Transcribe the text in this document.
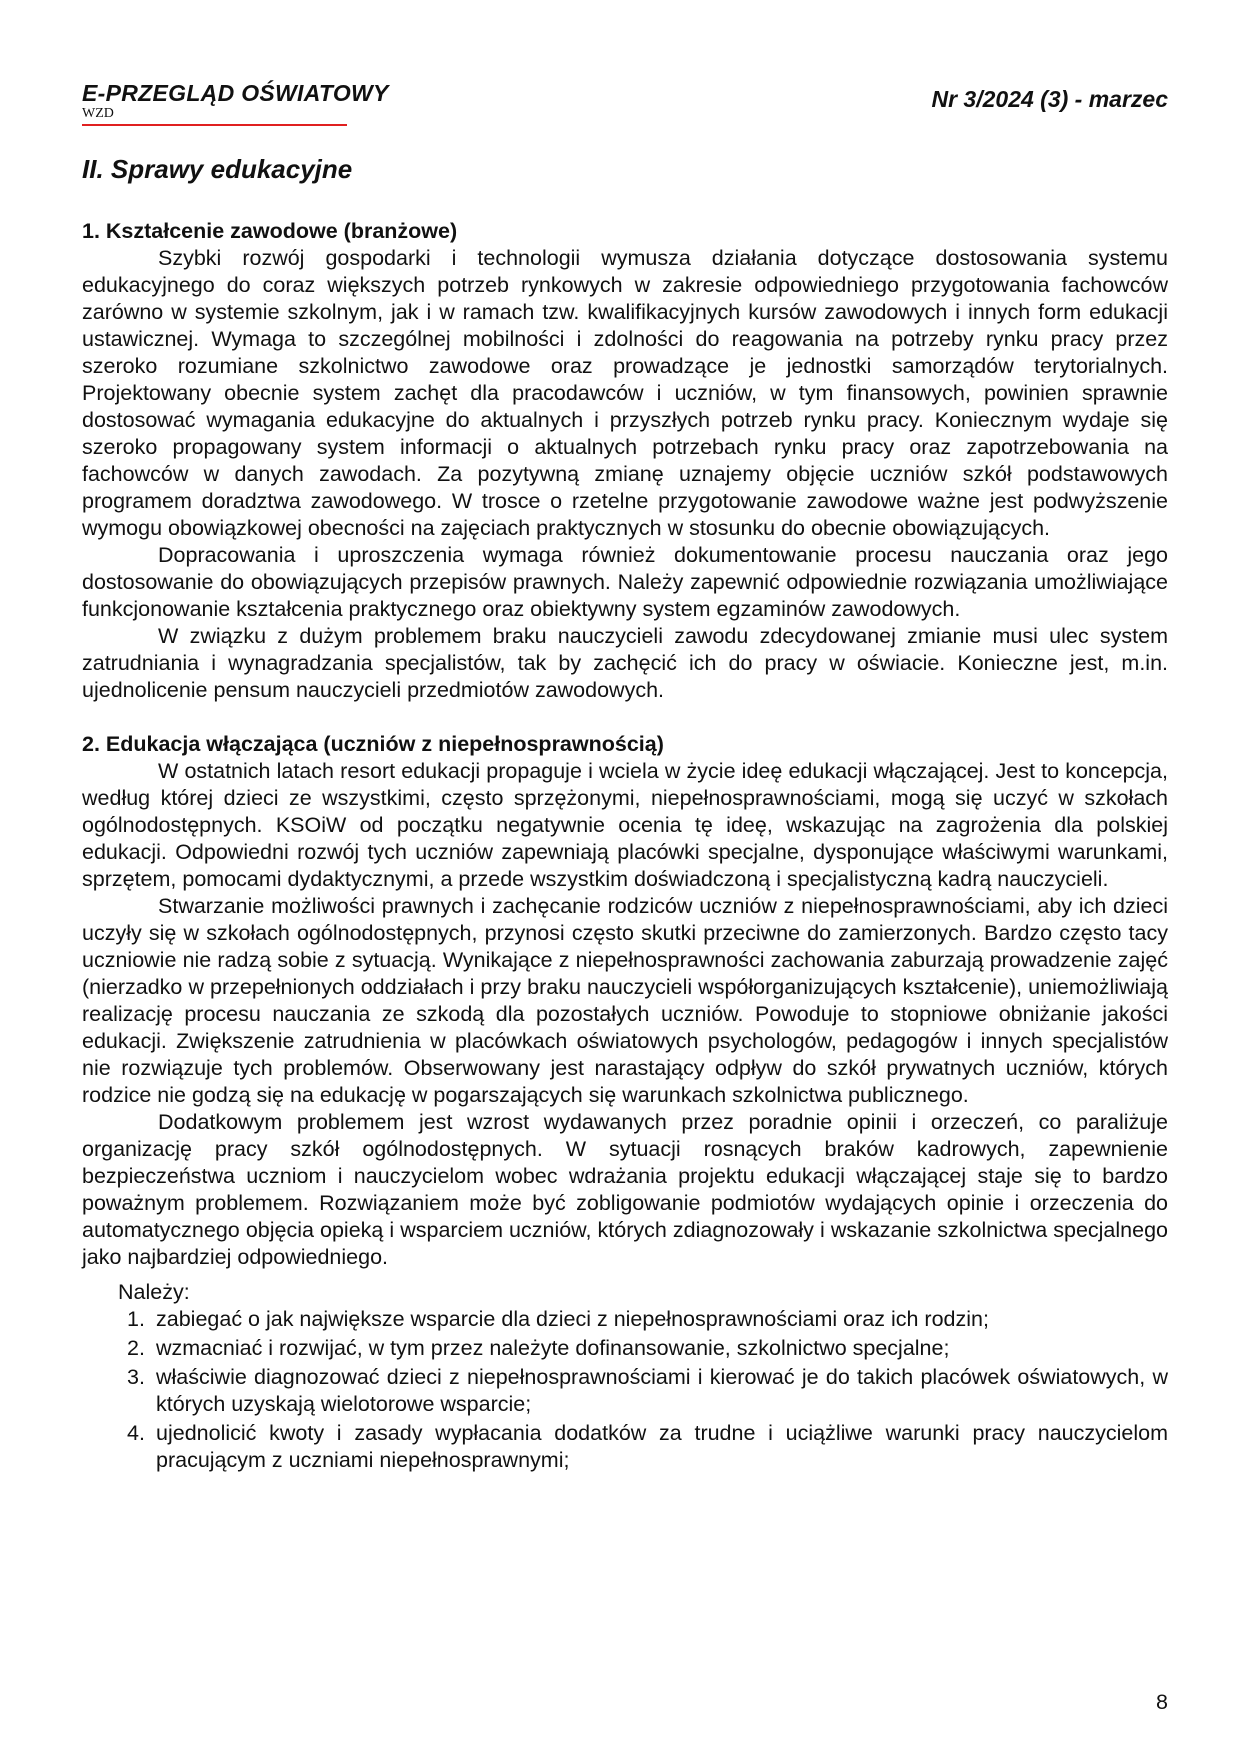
E-PRZEGLĄD OŚWIATOWY
WZD
Nr 3/2024 (3) - marzec
II. Sprawy edukacyjne
1. Kształcenie zawodowe (branżowe)

Szybki rozwój gospodarki i technologii wymusza działania dotyczące dostosowania systemu edukacyjnego do coraz większych potrzeb rynkowych w zakresie odpowiedniego przygotowania fachowców zarówno w systemie szkolnym, jak i w ramach tzw. kwalifikacyjnych kursów zawodowych i innych form edukacji ustawicznej. Wymaga to szczególnej mobilności i zdolności do reagowania na potrzeby rynku pracy przez szeroko rozumiane szkolnictwo zawodowe oraz prowadzące je jednostki samorządów terytorialnych. Projektowany obecnie system zachęt dla pracodawców i uczniów, w tym finansowych, powinien sprawnie dostosować wymagania edukacyjne do aktualnych i przyszłych potrzeb rynku pracy. Koniecznym wydaje się szeroko propagowany system informacji o aktualnych potrzebach rynku pracy oraz zapotrzebowania na fachowców w danych zawodach. Za pozytywną zmianę uznajemy objęcie uczniów szkół podstawowych programem doradztwa zawodowego. W trosce o rzetelne przygotowanie zawodowe ważne jest podwyższenie wymogu obowiązkowej obecności na zajęciach praktycznych w stosunku do obecnie obowiązujących.

Dopracowania i uproszczenia wymaga również dokumentowanie procesu nauczania oraz jego dostosowanie do obowiązujących przepisów prawnych. Należy zapewnić odpowiednie rozwiązania umożliwiające funkcjonowanie kształcenia praktycznego oraz obiektywny system egzaminów zawodowych.

W związku z dużym problemem braku nauczycieli zawodu zdecydowanej zmianie musi ulec system zatrudniania i wynagradzania specjalistów, tak by zachęcić ich do pracy w oświacie. Konieczne jest, m.in. ujednolicenie pensum nauczycieli przedmiotów zawodowych.

2. Edukacja włączająca (uczniów z niepełnosprawnością)

W ostatnich latach resort edukacji propaguje i wciela w życie ideę edukacji włączającej. Jest to koncepcja, według której dzieci ze wszystkimi, często sprzężonymi, niepełnosprawnościami, mogą się uczyć w szkołach ogólnodostępnych. KSOiW od początku negatywnie ocenia tę ideę, wskazując na zagrożenia dla polskiej edukacji. Odpowiedni rozwój tych uczniów zapewniają placówki specjalne, dysponujące właściwymi warunkami, sprzętem, pomocami dydaktycznymi, a przede wszystkim doświadczoną i specjalistyczną kadrą nauczycieli.

Stwarzanie możliwości prawnych i zachęcanie rodziców uczniów z niepełnosprawnościami, aby ich dzieci uczyły się w szkołach ogólnodostępnych, przynosi często skutki przeciwne do zamierzonych. Bardzo często tacy uczniowie nie radzą sobie z sytuacją. Wynikające z niepełnosprawności zachowania zaburzają prowadzenie zajęć (nierzadko w przepełnionych oddziałach i przy braku nauczycieli współorganizujących kształcenie), uniemożliwiają realizację procesu nauczania ze szkodą dla pozostałych uczniów. Powoduje to stopniowe obniżanie jakości edukacji. Zwiększenie zatrudnienia w placówkach oświatowych psychologów, pedagogów i innych specjalistów nie rozwiązuje tych problemów. Obserwowany jest narastający odpływ do szkół prywatnych uczniów, których rodzice nie godzą się na edukację w pogarszających się warunkach szkolnictwa publicznego.

Dodatkowym problemem jest wzrost wydawanych przez poradnie opinii i orzeczeń, co paraliżuje organizację pracy szkół ogólnodostępnych. W sytuacji rosnących braków kadrowych, zapewnienie bezpieczeństwa uczniom i nauczycielom wobec wdrażania projektu edukacji włączającej staje się to bardzo poważnym problemem. Rozwiązaniem może być zobligowanie podmiotów wydających opinie i orzeczenia do automatycznego objęcia opieką i wsparciem uczniów, których zdiagnozowały i wskazanie szkolnictwa specjalnego jako najbardziej odpowiedniego.

Należy:
1. zabiegać o jak największe wsparcie dla dzieci z niepełnosprawnościami oraz ich rodzin;
2. wzmacniać i rozwijać, w tym przez należyte dofinansowanie, szkolnictwo specjalne;
3. właściwie diagnozować dzieci z niepełnosprawnościami i kierować je do takich placówek oświatowych, w których uzyskają wielotorowe wsparcie;
4. ujednolicić kwoty i zasady wypłacania dodatków za trudne i uciążliwe warunki pracy nauczycielom pracującym z uczniami niepełnosprawnymi;
8
